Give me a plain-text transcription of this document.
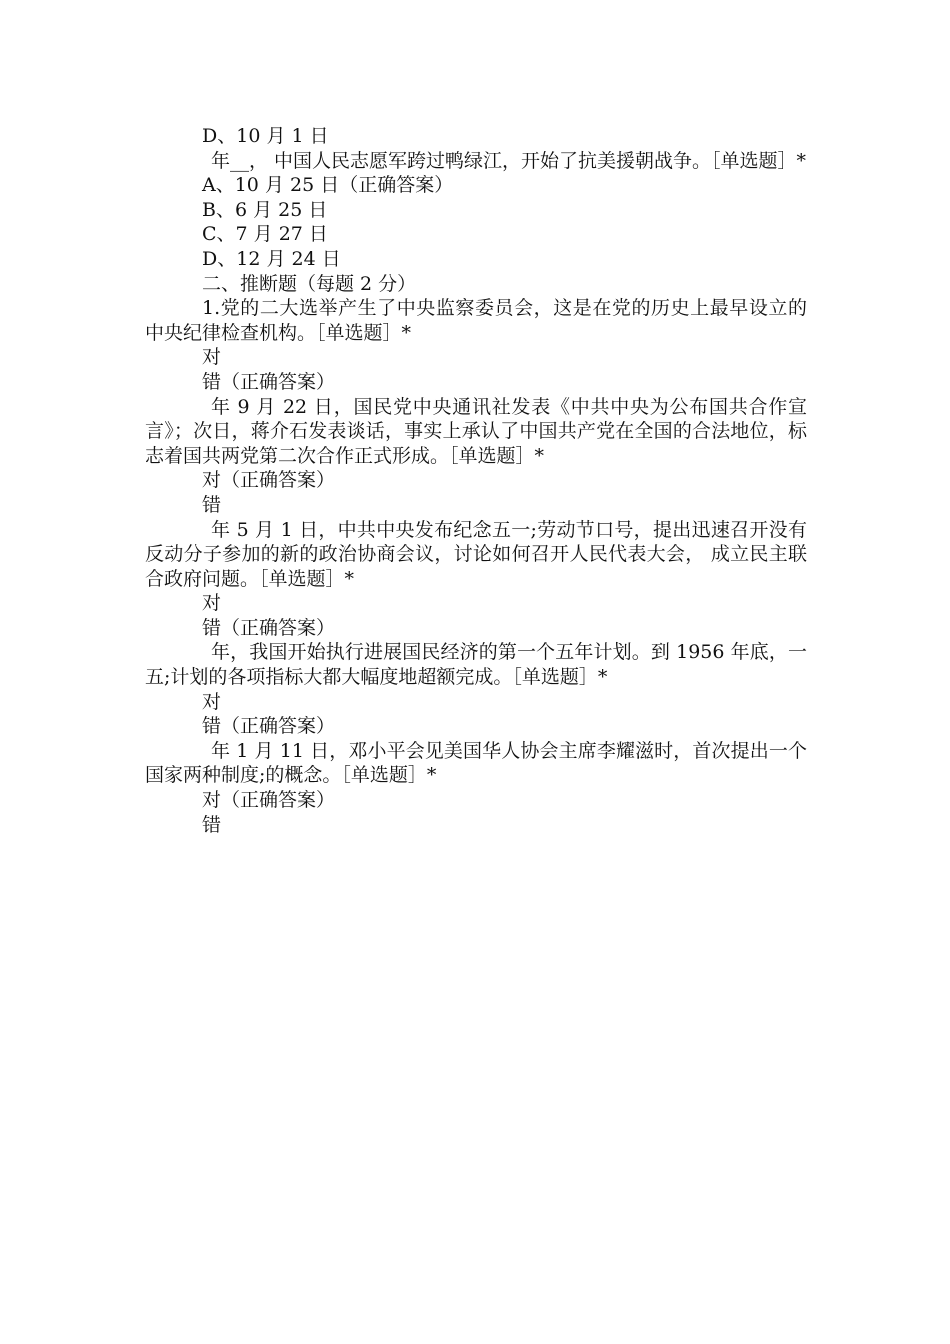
D、10 月 1 日
年__， 中国人民志愿军跨过鸭绿江，开始了抗美援朝战争。［单选题］*
A、10 月 25 日（正确答案）
B、6 月 25 日
C、7 月 27 日
D、12 月 24 日
二、推断题（每题 2 分）
1.党的二大选举产生了中央监察委员会，这是在党的历史上最早设立的中央纪律检查机构。［单选题］*
对
错（正确答案）
年 9 月 22 日，国民党中央通讯社发表《中共中央为公布国共合作宣言》；次日，蒋介石发表谈话，事实上承认了中国共产党在全国的合法地位，标志着国共两党第二次合作正式形成。［单选题］*
对（正确答案）
错
年 5 月 1 日，中共中央发布纪念五一;劳动节口号，提出迅速召开没有反动分子参加的新的政治协商会议，讨论如何召开人民代表大会， 成立民主联合政府问题。［单选题］*
对
错（正确答案）
年，我国开始执行进展国民经济的第一个五年计划。到 1956 年底，一五;计划的各项指标大都大幅度地超额完成。［单选题］*
对
错（正确答案）
年 1 月 11 日，邓小平会见美国华人协会主席李耀滋时，首次提出一个国家两种制度;的概念。［单选题］*
对（正确答案）
错
